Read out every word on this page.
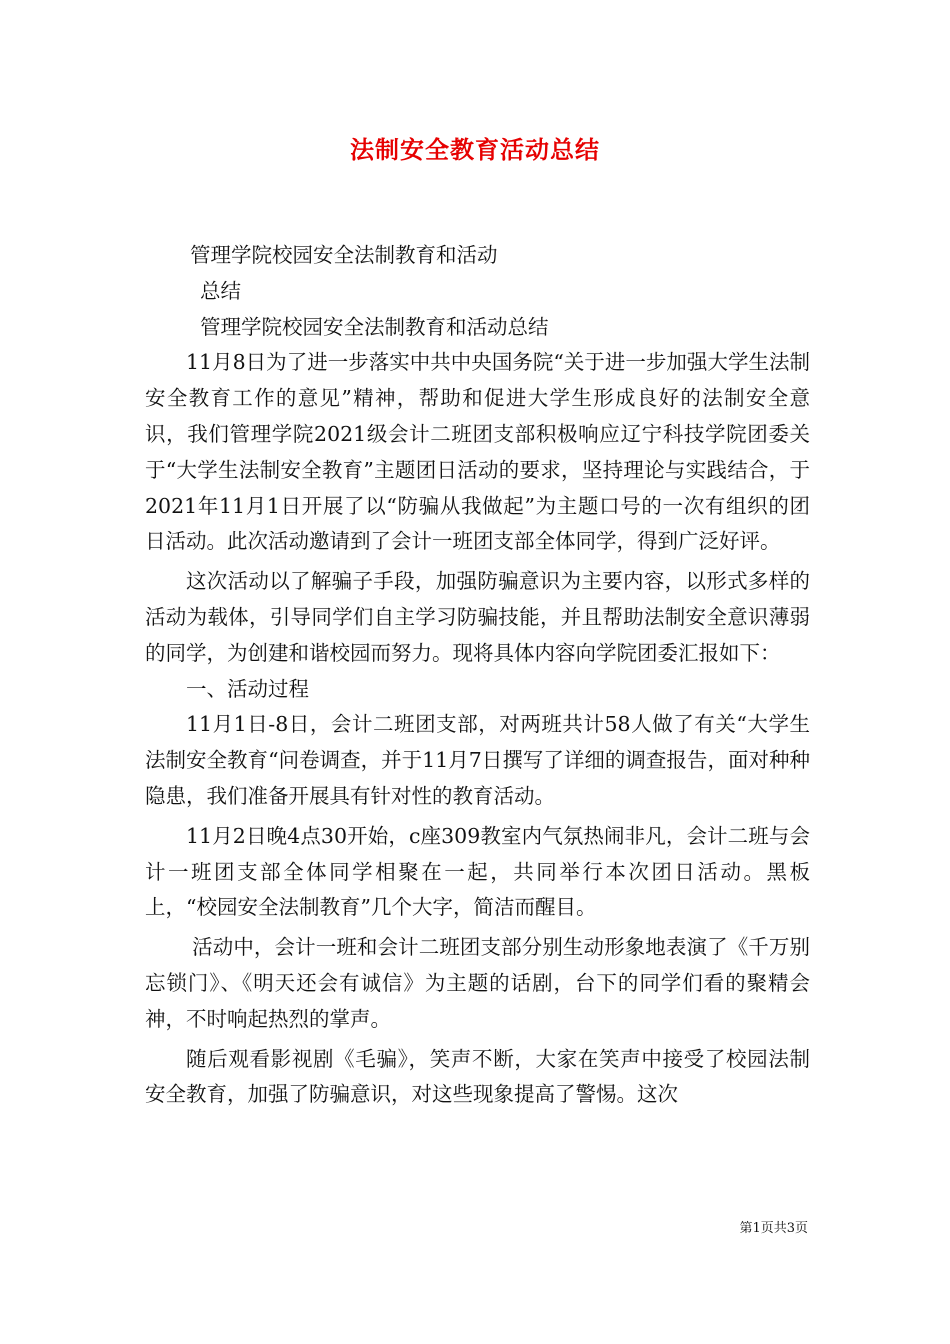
法制安全教育活动总结

管理学院校园安全法制教育和活动

总结

管理学院校园安全法制教育和活动总结

11月8日为了进一步落实中共中央国务院“关于进一步加强大学生法制安全教育工作的意见”精神，帮助和促进大学生形成良好的法制安全意识，我们管理学院2021级会计二班团支部积极响应辽宁科技学院团委关于“大学生法制安全教育”主题团日活动的要求，坚持理论与实践结合，于2021年11月1日开展了以“防骗从我做起”为主题口号的一次有组织的团日活动。此次活动邀请到了会计一班团支部全体同学，得到广泛好评。

这次活动以了解骗子手段，加强防骗意识为主要内容，以形式多样的活动为载体，引导同学们自主学习防骗技能，并且帮助法制安全意识薄弱的同学，为创建和谐校园而努力。现将具体内容向学院团委汇报如下：

一、活动过程

11月1日-8日，会计二班团支部，对两班共计58人做了有关“大学生法制安全教育“问卷调查，并于11月7日撰写了详细的调查报告，面对种种隐患，我们准备开展具有针对性的教育活动。

11月2日晚4点30开始，c座309教室内气氛热闹非凡，会计二班与会计一班团支部全体同学相聚在一起，共同举行本次团日活动。黑板上，“校园安全法制教育”几个大字，简洁而醒目。

活动中，会计一班和会计二班团支部分别生动形象地表演了《千万别忘锁门》、《明天还会有诚信》为主题的话剧，台下的同学们看的聚精会神，不时响起热烈的掌声。

随后观看影视剧《毛骗》，笑声不断，大家在笑声中接受了校园法制安全教育，加强了防骗意识，对这些现象提高了警惕。这次

第1页共3页
